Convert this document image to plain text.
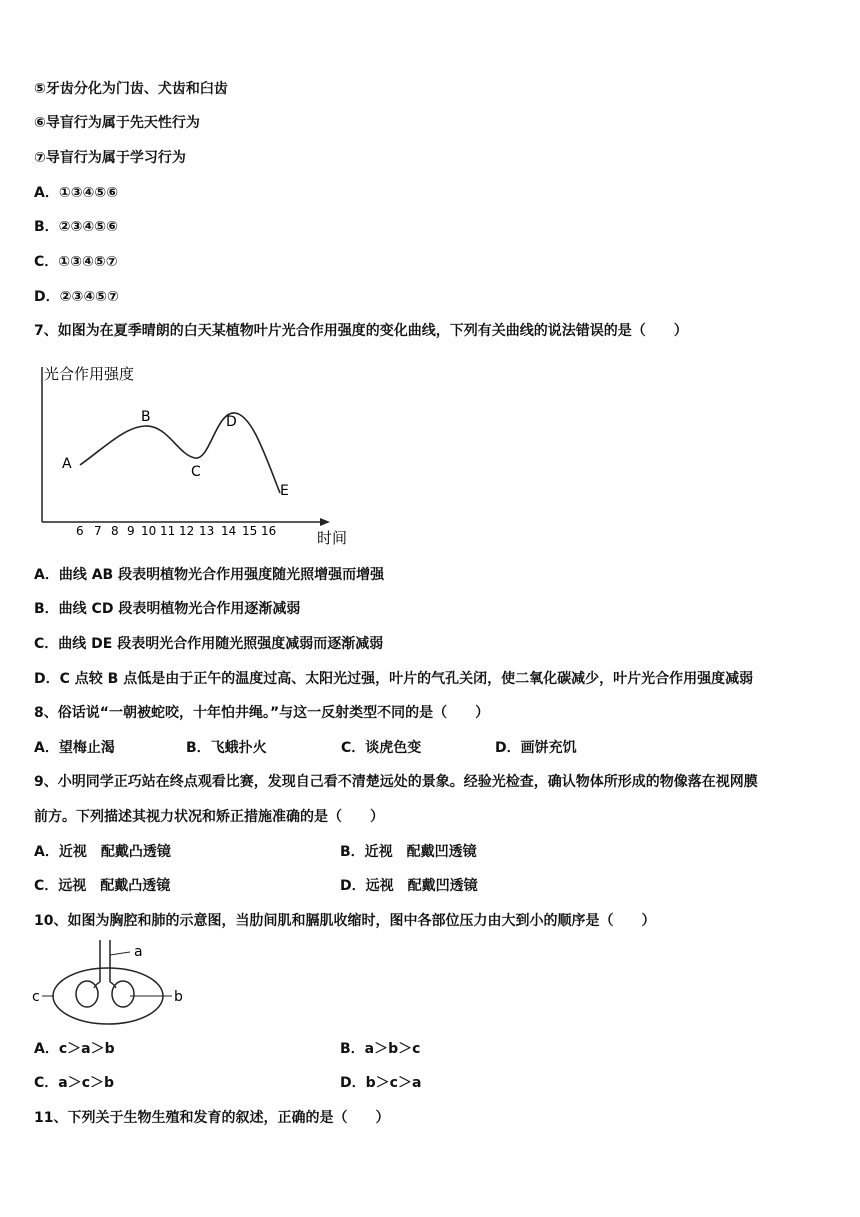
⑤牙齿分化为门齿、犬齿和臼齿
⑥导盲行为属于先天性行为
⑦导盲行为属于学习行为
A．①③④⑤⑥
B．②③④⑤⑥
C．①③④⑤⑦
D．②③④⑤⑦
7、如图为在夏季晴朗的白天某植物叶片光合作用强度的变化曲线，下列有关曲线的说法错误的是（　　）
光合作用强度
时间
6 7 8 9 10 11 12 13 14 15 16
A
B
C
D
E
A．曲线 AB 段表明植物光合作用强度随光照增强而增强
B．曲线 CD 段表明植物光合作用逐渐减弱
C．曲线 DE 段表明光合作用随光照强度减弱而逐渐减弱
D．C 点较 B 点低是由于正午的温度过高、太阳光过强，叶片的气孔关闭，使二氧化碳减少，叶片光合作用强度减弱
8、俗话说“一朝被蛇咬，十年怕井绳。”与这一反射类型不同的是（　　）
A．望梅止渴	B．飞蛾扑火	C．谈虎色变	D．画饼充饥
9、小明同学正巧站在终点观看比赛，发现自己看不清楚远处的景象。经验光检查，确认物体所形成的物像落在视网膜
前方。下列描述其视力状况和矫正措施准确的是（　　）
A．近视　配戴凸透镜	B．近视　配戴凹透镜
C．远视　配戴凸透镜	D．远视　配戴凹透镜
10、如图为胸腔和肺的示意图，当肋间肌和膈肌收缩时，图中各部位压力由大到小的顺序是（　　）
a
b
c
A．c＞a＞b	B．a＞b＞c
C．a＞c＞b	D．b＞c＞a
11、下列关于生物生殖和发育的叙述，正确的是（　　）
